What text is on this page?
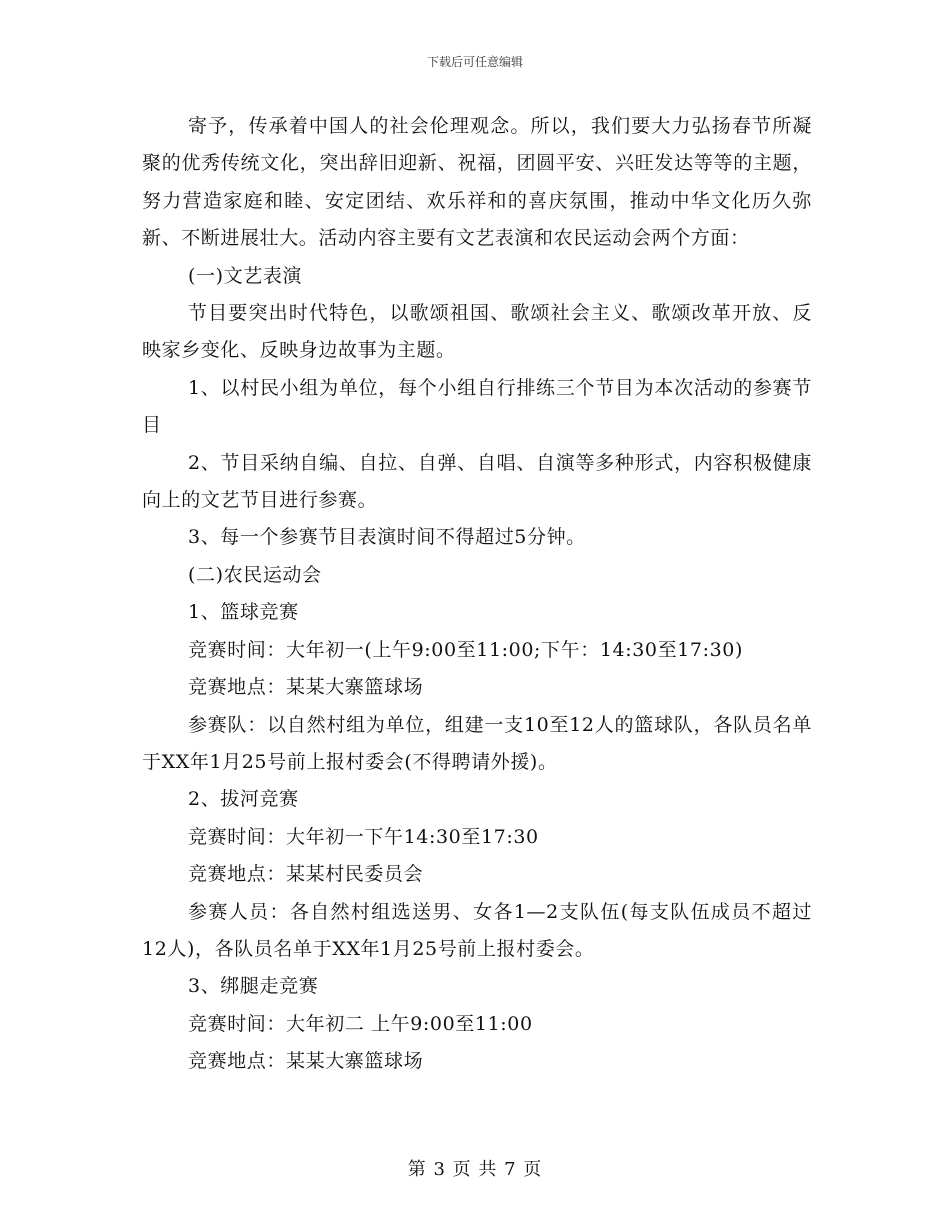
下载后可任意编辑

寄予，传承着中国人的社会伦理观念。所以，我们要大力弘扬春节所凝聚的优秀传统文化，突出辞旧迎新、祝福，团圆平安、兴旺发达等等的主题，努力营造家庭和睦、安定团结、欢乐祥和的喜庆氛围，推动中华文化历久弥新、不断进展壮大。活动内容主要有文艺表演和农民运动会两个方面：

(一)文艺表演

节目要突出时代特色，以歌颂祖国、歌颂社会主义、歌颂改革开放、反映家乡变化、反映身边故事为主题。

1、以村民小组为单位，每个小组自行排练三个节目为本次活动的参赛节目

2、节目采纳自编、自拉、自弹、自唱、自演等多种形式，内容积极健康向上的文艺节目进行参赛。

3、每一个参赛节目表演时间不得超过5分钟。

(二)农民运动会

1、篮球竞赛

竞赛时间：大年初一(上午9:00至11:00;下午：14:30至17:30)

竞赛地点：某某大寨篮球场

参赛队：以自然村组为单位，组建一支10至12人的篮球队，各队员名单于XX年1月25号前上报村委会(不得聘请外援)。

2、拔河竞赛

竞赛时间：大年初一下午14:30至17:30

竞赛地点：某某村民委员会

参赛人员：各自然村组选送男、女各1—2支队伍(每支队伍成员不超过12人)，各队员名单于XX年1月25号前上报村委会。

3、绑腿走竞赛

竞赛时间：大年初二 上午9:00至11:00

竞赛地点：某某大寨篮球场

第 3 页 共 7 页
